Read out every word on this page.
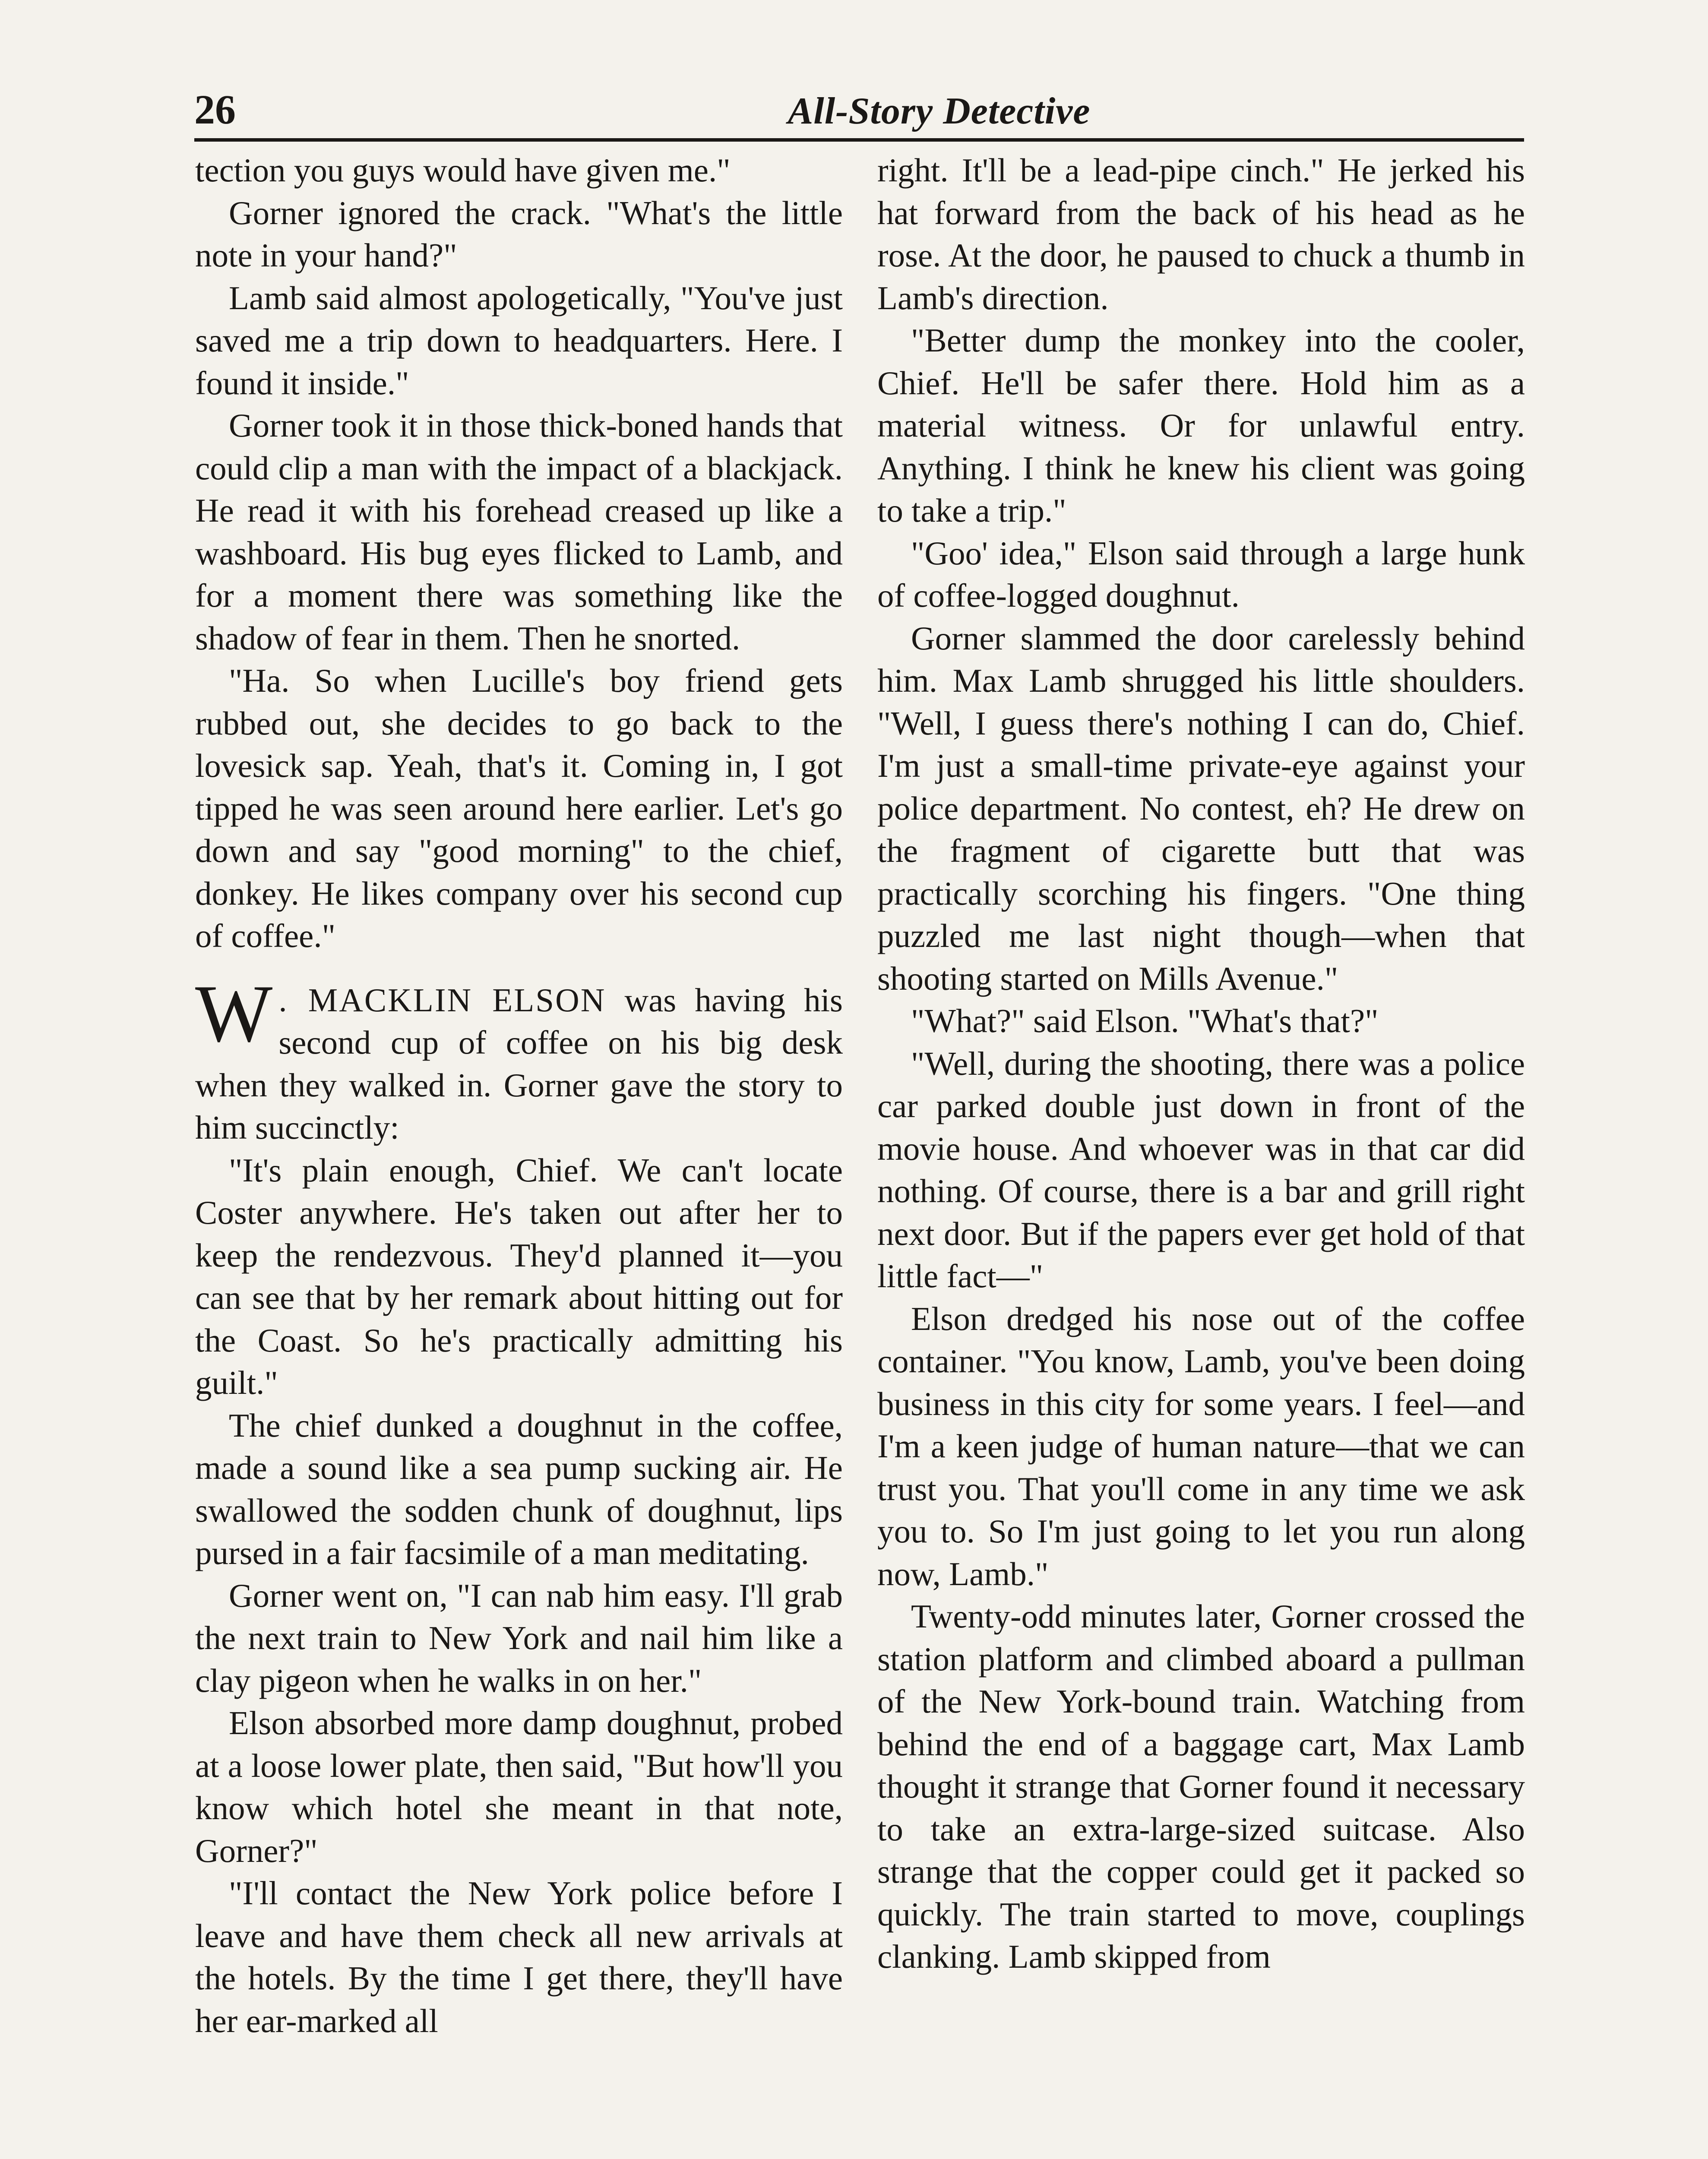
26	All-Story Detective

tection you guys would have given me."

Gorner ignored the crack. "What's the little note in your hand?"

Lamb said almost apologetically, "You've just saved me a trip down to headquarters. Here. I found it inside."

Gorner took it in those thick-boned hands that could clip a man with the impact of a blackjack. He read it with his forehead creased up like a washboard. His bug eyes flicked to Lamb, and for a moment there was something like the shadow of fear in them. Then he snorted.

"Ha. So when Lucille's boy friend gets rubbed out, she decides to go back to the lovesick sap. Yeah, that's it. Coming in, I got tipped he was seen around here earlier. Let's go down and say "good morning" to the chief, donkey. He likes company over his second cup of coffee."

W . MACKLIN ELSON was having his second cup of coffee on his big desk when they walked in. Gorner gave the story to him succinctly:

"It's plain enough, Chief. We can't locate Coster anywhere. He's taken out after her to keep the rendezvous. They'd planned it—you can see that by her remark about hitting out for the Coast. So he's practically admitting his guilt."

The chief dunked a doughnut in the coffee, made a sound like a sea pump sucking air. He swallowed the sodden chunk of doughnut, lips pursed in a fair facsimile of a man meditating.

Gorner went on, "I can nab him easy. I'll grab the next train to New York and nail him like a clay pigeon when he walks in on her."

Elson absorbed more damp doughnut, probed at a loose lower plate, then said, "But how'll you know which hotel she meant in that note, Gorner?"

"I'll contact the New York police before I leave and have them check all new arrivals at the hotels. By the time I get there, they'll have her ear-marked all

right. It'll be a lead-pipe cinch." He jerked his hat forward from the back of his head as he rose. At the door, he paused to chuck a thumb in Lamb's direction.

"Better dump the monkey into the cooler, Chief. He'll be safer there. Hold him as a material witness. Or for unlawful entry. Anything. I think he knew his client was going to take a trip."

"Goo' idea," Elson said through a large hunk of coffee-logged doughnut.

Gorner slammed the door carelessly behind him. Max Lamb shrugged his little shoulders. "Well, I guess there's nothing I can do, Chief. I'm just a small-time private-eye against your police department. No contest, eh? He drew on the fragment of cigarette butt that was practically scorching his fingers. "One thing puzzled me last night though—when that shooting started on Mills Avenue."

"What?" said Elson. "What's that?"

"Well, during the shooting, there was a police car parked double just down in front of the movie house. And whoever was in that car did nothing. Of course, there is a bar and grill right next door. But if the papers ever get hold of that little fact—"

Elson dredged his nose out of the coffee container. "You know, Lamb, you've been doing business in this city for some years. I feel—and I'm a keen judge of human nature—that we can trust you. That you'll come in any time we ask you to. So I'm just going to let you run along now, Lamb."

Twenty-odd minutes later, Gorner crossed the station platform and climbed aboard a pullman of the New York-bound train. Watching from behind the end of a baggage cart, Max Lamb thought it strange that Gorner found it necessary to take an extra-large-sized suitcase. Also strange that the copper could get it packed so quickly. The train started to move, couplings clanking. Lamb skipped from
